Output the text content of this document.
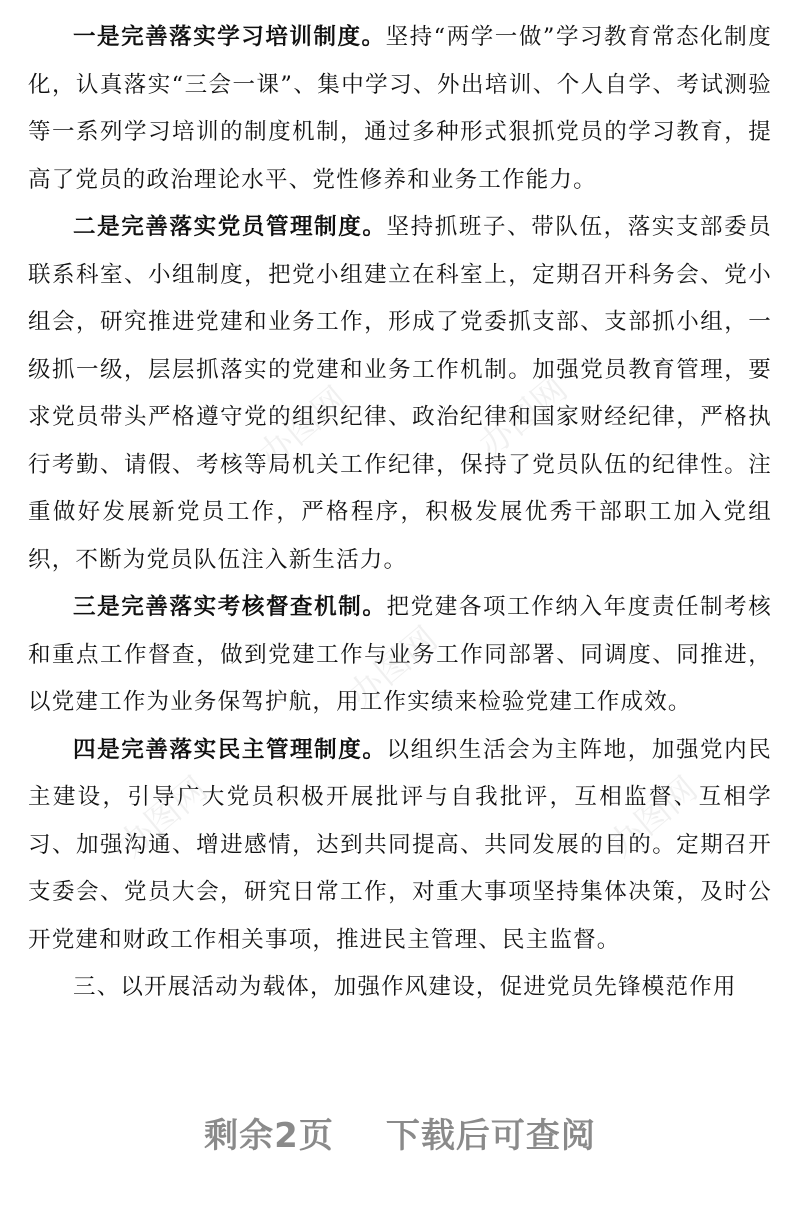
办图网	办图网
办图网
办图网
办图网

一是完善落实学习培训制度。坚持“两学一做”学习教育常态化制度化，认真落实“三会一课”、集中学习、外出培训、个人自学、考试测验等一系列学习培训的制度机制，通过多种形式狠抓党员的学习教育，提高了党员的政治理论水平、党性修养和业务工作能力。

二是完善落实党员管理制度。坚持抓班子、带队伍，落实支部委员联系科室、小组制度，把党小组建立在科室上，定期召开科务会、党小组会，研究推进党建和业务工作，形成了党委抓支部、支部抓小组，一级抓一级，层层抓落实的党建和业务工作机制。加强党员教育管理，要求党员带头严格遵守党的组织纪律、政治纪律和国家财经纪律，严格执行考勤、请假、考核等局机关工作纪律，保持了党员队伍的纪律性。注重做好发展新党员工作，严格程序，积极发展优秀干部职工加入党组织，不断为党员队伍注入新生活力。

三是完善落实考核督查机制。把党建各项工作纳入年度责任制考核和重点工作督查，做到党建工作与业务工作同部署、同调度、同推进，以党建工作为业务保驾护航，用工作实绩来检验党建工作成效。

四是完善落实民主管理制度。以组织生活会为主阵地，加强党内民主建设，引导广大党员积极开展批评与自我批评，互相监督、互相学习、加强沟通、增进感情，达到共同提高、共同发展的目的。定期召开支委会、党员大会，研究日常工作，对重大事项坚持集体决策，及时公开党建和财政工作相关事项，推进民主管理、民主监督。

三、以开展活动为载体，加强作风建设，促进党员先锋模范作用

剩余2页 下载后可查阅
